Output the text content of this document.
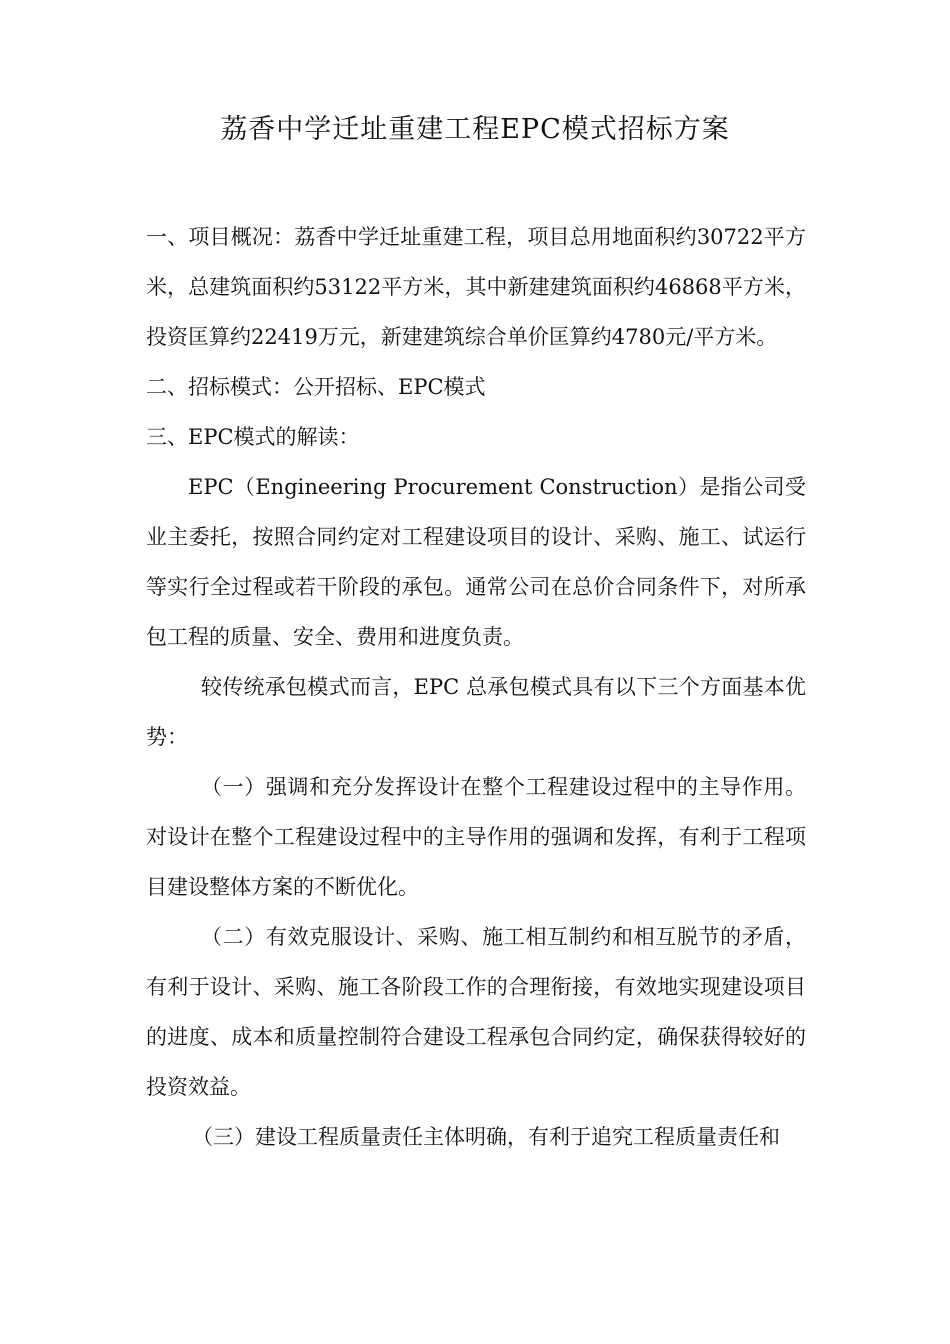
荔香中学迁址重建工程EPC模式招标方案

一、项目概况：荔香中学迁址重建工程，项目总用地面积约30722平方米，总建筑面积约53122平方米，其中新建建筑面积约46868平方米，投资匡算约22419万元，新建建筑综合单价匡算约4780元/平方米。

二、招标模式：公开招标、EPC模式

三、EPC模式的解读：

EPC（Engineering Procurement Construction）是指公司受业主委托，按照合同约定对工程建设项目的设计、采购、施工、试运行等实行全过程或若干阶段的承包。通常公司在总价合同条件下，对所承包工程的质量、安全、费用和进度负责。

较传统承包模式而言，EPC 总承包模式具有以下三个方面基本优势：

（一）强调和充分发挥设计在整个工程建设过程中的主导作用。对设计在整个工程建设过程中的主导作用的强调和发挥，有利于工程项目建设整体方案的不断优化。

（二）有效克服设计、采购、施工相互制约和相互脱节的矛盾，有利于设计、采购、施工各阶段工作的合理衔接，有效地实现建设项目的进度、成本和质量控制符合建设工程承包合同约定，确保获得较好的投资效益。

（三）建设工程质量责任主体明确，有利于追究工程质量责任和
